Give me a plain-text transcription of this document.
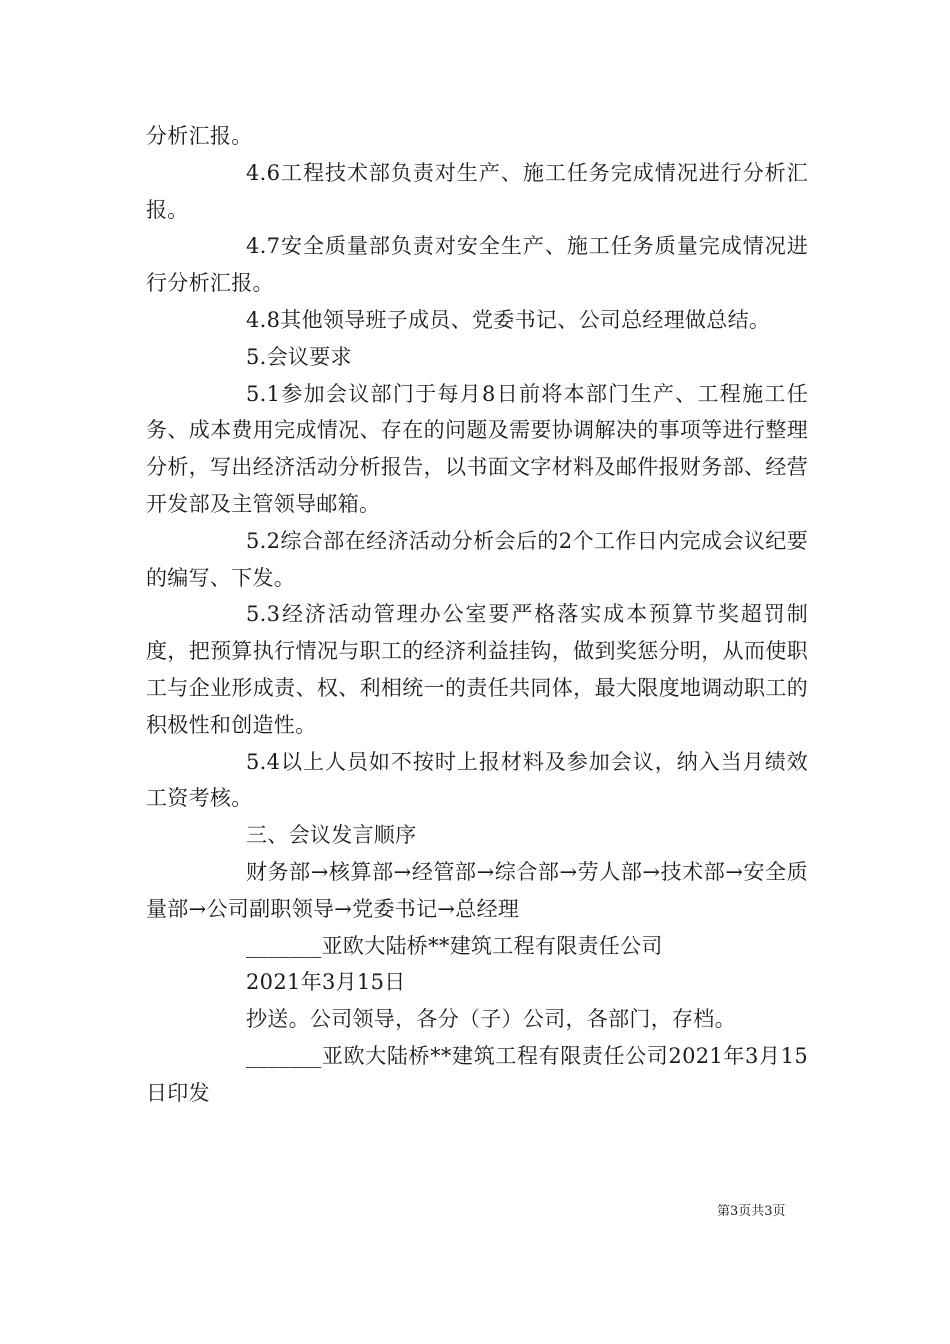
分析汇报。

4.6工程技术部负责对生产、施工任务完成情况进行分析汇报。

4.7安全质量部负责对安全生产、施工任务质量完成情况进行分析汇报。

4.8其他领导班子成员、党委书记、公司总经理做总结。

5.会议要求

5.1参加会议部门于每月8日前将本部门生产、工程施工任务、成本费用完成情况、存在的问题及需要协调解决的事项等进行整理分析，写出经济活动分析报告，以书面文字材料及邮件报财务部、经营开发部及主管领导邮箱。

5.2综合部在经济活动分析会后的2个工作日内完成会议纪要的编写、下发。

5.3经济活动管理办公室要严格落实成本预算节奖超罚制度，把预算执行情况与职工的经济利益挂钩，做到奖惩分明，从而使职工与企业形成责、权、利相统一的责任共同体，最大限度地调动职工的积极性和创造性。

5.4以上人员如不按时上报材料及参加会议，纳入当月绩效工资考核。

三、会议发言顺序

财务部→核算部→经管部→综合部→劳人部→技术部→安全质量部→公司副职领导→党委书记→总经理

_______亚欧大陆桥**建筑工程有限责任公司

2021年3月15日

抄送。公司领导，各分（子）公司，各部门，存档。

_______亚欧大陆桥**建筑工程有限责任公司2021年3月15日印发

第3页共3页
